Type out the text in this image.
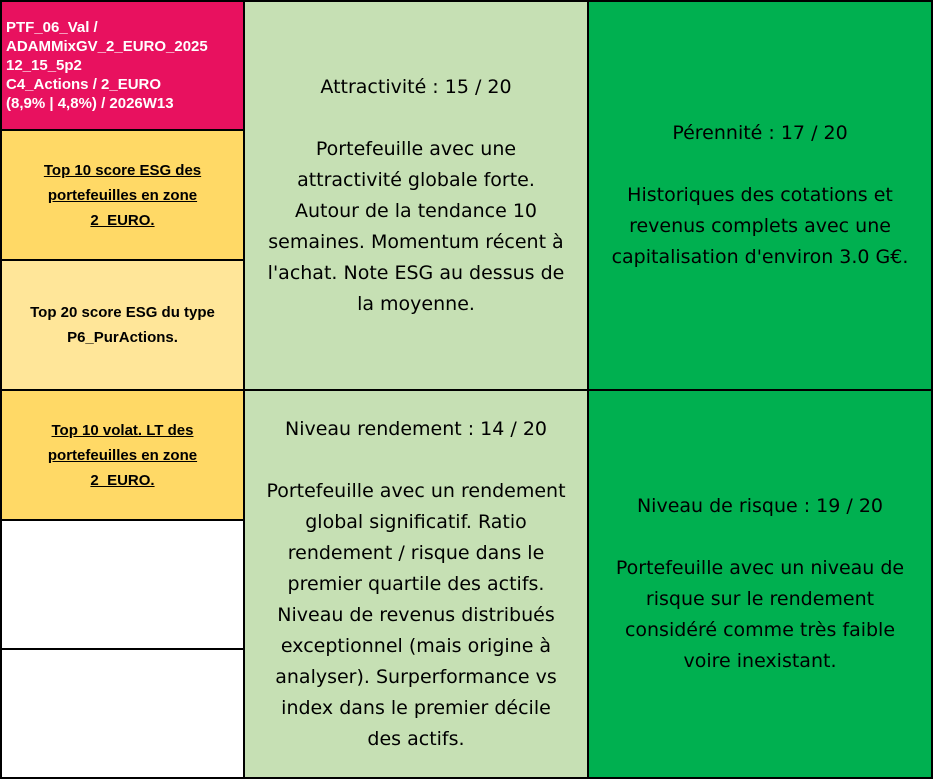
PTF_06_Val /
ADAMMixGV_2_EURO_2025
12_15_5p2
C4_Actions / 2_EURO
(8,9% | 4,8%) / 2026W13
Top 10 score ESG des
portefeuilles en zone
2_EURO.
Top 20 score ESG du type
P6_PurActions.
Top 10 volat. LT des
portefeuilles en zone
2_EURO.
Attractivité : 15 / 20
Portefeuille avec une
attractivité globale forte.
Autour de la tendance 10
semaines. Momentum récent à
l'achat. Note ESG au dessus de
la moyenne.
Pérennité : 17 / 20
Historiques des cotations et
revenus complets avec une
capitalisation d'environ 3.0 G€.
Niveau rendement : 14 / 20
Portefeuille avec un rendement
global significatif. Ratio
rendement / risque dans le
premier quartile des actifs.
Niveau de revenus distribués
exceptionnel (mais origine à
analyser). Surperformance vs
index dans le premier décile
des actifs.
Niveau de risque : 19 / 20
Portefeuille avec un niveau de
risque sur le rendement
considéré comme très faible
voire inexistant.
